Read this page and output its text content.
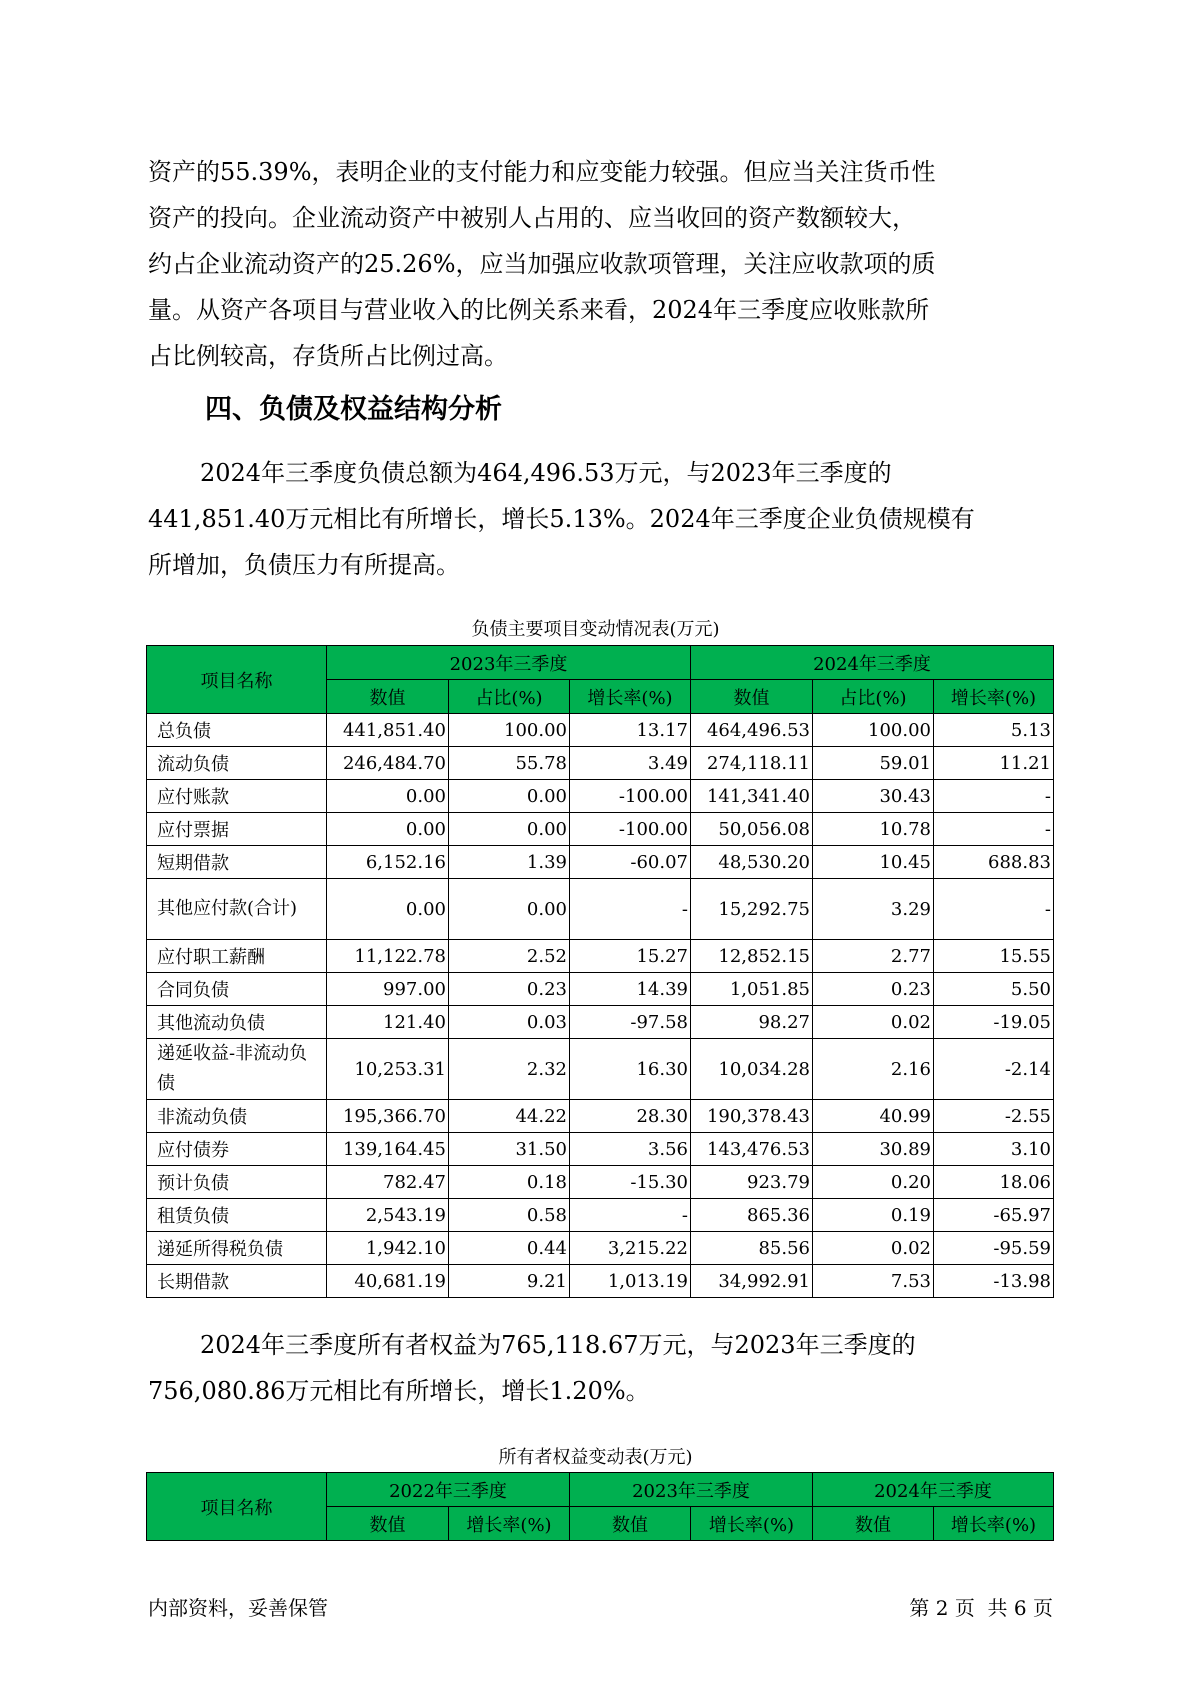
资产的55.39%，表明企业的支付能力和应变能力较强。但应当关注货币性
资产的投向。企业流动资产中被别人占用的、应当收回的资产数额较大，
约占企业流动资产的25.26%，应当加强应收款项管理，关注应收款项的质
量。从资产各项目与营业收入的比例关系来看，2024年三季度应收账款所
占比例较高，存货所占比例过高。

四、负债及权益结构分析

2024年三季度负债总额为464,496.53万元，与2023年三季度的
441,851.40万元相比有所增长，增长5.13%。2024年三季度企业负债规模有
所增加，负债压力有所提高。

负债主要项目变动情况表(万元)
项目名称	2023年三季度			2024年三季度		
	数值	占比(%)	增长率(%)	数值	占比(%)	增长率(%)
总负债	441,851.40	100.00	13.17	464,496.53	100.00	5.13
流动负债	246,484.70	55.78	3.49	274,118.11	59.01	11.21
应付账款	0.00	0.00	-100.00	141,341.40	30.43	-
应付票据	0.00	0.00	-100.00	50,056.08	10.78	-
短期借款	6,152.16	1.39	-60.07	48,530.20	10.45	688.83
其他应付款(合计)	0.00	0.00	-	15,292.75	3.29	-
应付职工薪酬	11,122.78	2.52	15.27	12,852.15	2.77	15.55
合同负债	997.00	0.23	14.39	1,051.85	0.23	5.50
其他流动负债	121.40	0.03	-97.58	98.27	0.02	-19.05
递延收益-非流动负债	10,253.31	2.32	16.30	10,034.28	2.16	-2.14
非流动负债	195,366.70	44.22	28.30	190,378.43	40.99	-2.55
应付债券	139,164.45	31.50	3.56	143,476.53	30.89	3.10
预计负债	782.47	0.18	-15.30	923.79	0.20	18.06
租赁负债	2,543.19	0.58	-	865.36	0.19	-65.97
递延所得税负债	1,942.10	0.44	3,215.22	85.56	0.02	-95.59
长期借款	40,681.19	9.21	1,013.19	34,992.91	7.53	-13.98

2024年三季度所有者权益为765,118.67万元，与2023年三季度的
756,080.86万元相比有所增长，增长1.20%。

所有者权益变动表(万元)
项目名称	2022年三季度		2023年三季度		2024年三季度	
	数值	增长率(%)	数值	增长率(%)	数值	增长率(%)
内部资料，妥善保管	第 2 页  共 6 页
